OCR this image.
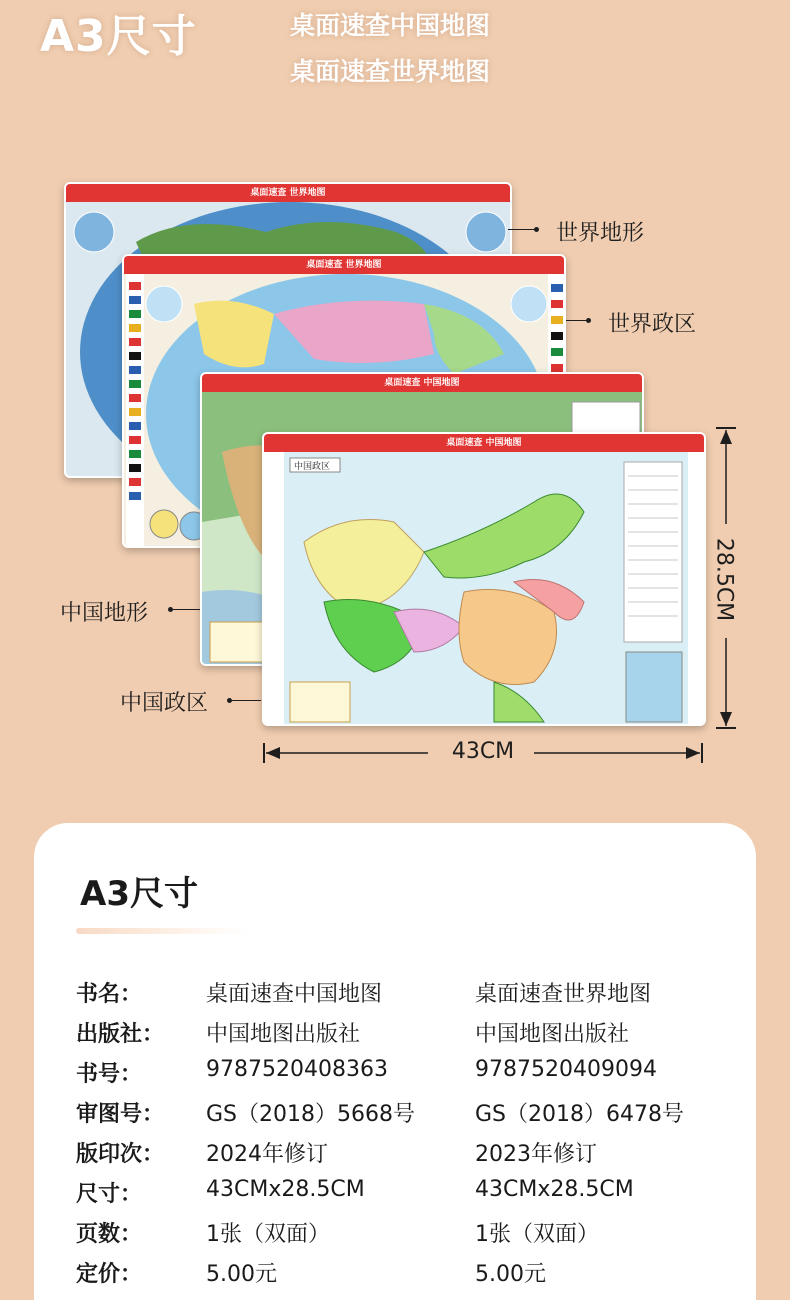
A3尺寸	桌面速查中国地图
桌面速查世界地图
桌面速查 世界地图
桌面速查 世界地图
桌面速查 中国地图
桌面速查 中国地图
中国政区
世界地形
世界政区
中国地形
中国政区
28.5CM
43CM
A3尺寸
书名：	桌面速查中国地图	桌面速查世界地图
出版社： 中国地图出版社	中国地图出版社
书号：	9787520408363	9787520409094
审图号： GS（2018）5668号	GS（2018）6478号
版印次： 2024年修订	2023年修订
尺寸：	43CMx28.5CM	43CMx28.5CM
页数：	1张（双面）	1张（双面）
定价：	5.00元	5.00元
